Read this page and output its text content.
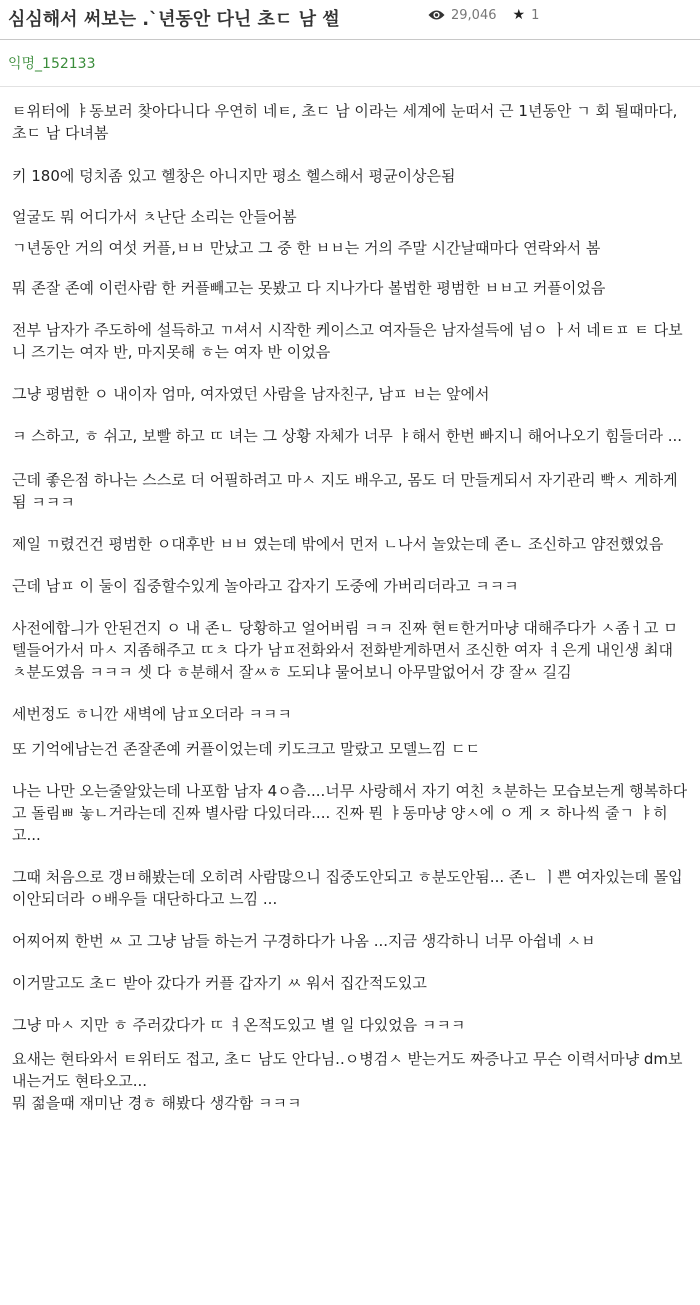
심심해서 써보는 .`년동안 다닌 초ㄷ 남 썰	29,046 ★ 1
익명_152133

ㅌ위터에 ㅑ동보러 찾아다니다 우연히 네ㅌ, 초ㄷ 남 이라는 세계에 눈떠서 근 1년동안 ㄱ 회 될때마다, 초ㄷ 남 다녀봄

키 180에 덩치좀 있고 헬창은 아니지만 평소 헬스해서 평균이상은됨

얼굴도 뭐 어디가서 ㅊ난단 소리는 안들어봄

ㄱ년동안 거의 여섯 커플,ㅂㅂ 만났고 그 중 한 ㅂㅂ는 거의 주말 시간날때마다 연락와서 봄

뭐 존잘 존예 이런사람 한 커플빼고는 못봤고 다 지나가다 볼법한 평범한 ㅂㅂ고 커플이었음

전부 남자가 주도하에 설득하고 ㄲ셔서 시작한 케이스고 여자들은 남자설득에 넘ㅇ ㅏ서 네ㅌㅍ ㅌ 다보니 즈기는 여자 반, 마지못해 ㅎ는 여자 반 이었음

그냥 평범한 ㅇ 내이자 엄마, 여자였던 사람을 남자친구, 남ㅍ ㅂ는 앞에서

ㅋ 스하고, ㅎ 쉬고, 보빨 하고 ㄸ 녀는 그 상황 자체가 너무 ㅑ해서 한번 빠지니 해어나오기 힘들더라 ...

근데 좋은점 하나는 스스로 더 어필하려고 마ㅅ 지도 배우고, 몸도 더 만들게되서 자기관리 빡ㅅ 게하게됨 ㅋㅋㅋ

제일 ㄲ렸건건 평범한 ㅇ대후반 ㅂㅂ 였는데 밖에서 먼저 ㄴ나서 놀았는데 존ㄴ 조신하고 얌전했었음

근데 남ㅍ 이 둘이 집중할수있게 놀아라고 갑자기 도중에 가버리더라고 ㅋㅋㅋ

사전에합ㅢ가 안된건지 ㅇ 내 존ㄴ 당황하고 얼어버림 ㅋㅋ 진짜 현ㅌ한거마냥 대해주다가 ㅅ좀ㅓ고 ㅁ텔들어가서 마ㅅ 지좀해주고 ㄸㅊ 다가 남ㅍ전화와서 전화받게하면서 조신한 여자 ㅕ은게 내인생 최대 ㅊ분도였음 ㅋㅋㅋ 셋 다 ㅎ분해서 잘ㅆㅎ 도되냐 물어보니 아무말없어서 걍 잘ㅆ 길김

세번정도 ㅎ니깐 새벽에 남ㅍ오더라 ㅋㅋㅋ

또 기억에남는건 존잘존예 커플이었는데 키도크고 말랐고 모델느낌 ㄷㄷ

나는 나만 오는줄알았는데 나포함 남자 4ㅇ츰....너무 사랑해서 자기 여친 ㅊ분하는 모습보는게 행복하다고 돌림ㅃ 놓ㄴ거라는데 진짜 별사람 다있더라.... 진짜 뭔 ㅑ동마냥 양ㅅ에 ㅇ 게 ㅈ 하나씩 줄ㄱ ㅑ히고...

그때 처음으로 갱ㅂ해봤는데 오히려 사람많으니 집중도안되고 ㅎ분도안됨... 존ㄴ ㅣ쁜 여자있는데 몰입이안되더라 ㅇ배우들 대단하다고 느낌 ...

어찌어찌 한번 ㅆ 고 그냥 남들 하는거 구경하다가 나옴 ...지금 생각하니 너무 아쉽네 ㅅㅂ

이거말고도 초ㄷ 받아 갔다가 커플 갑자기 ㅆ 워서 집간적도있고

그냥 마ㅅ 지만 ㅎ 주러갔다가 ㄸ ㅕ온적도있고 별 일 다있었음 ㅋㅋㅋ

요새는 현타와서 ㅌ위터도 접고, 초ㄷ 남도 안다님..ㅇ병검ㅅ 받는거도 짜증나고 무슨 이력서마냥 dm보내는거도 현타오고...

뭐 젊을때 재미난 경ㅎ 해봤다 생각함 ㅋㅋㅋ
